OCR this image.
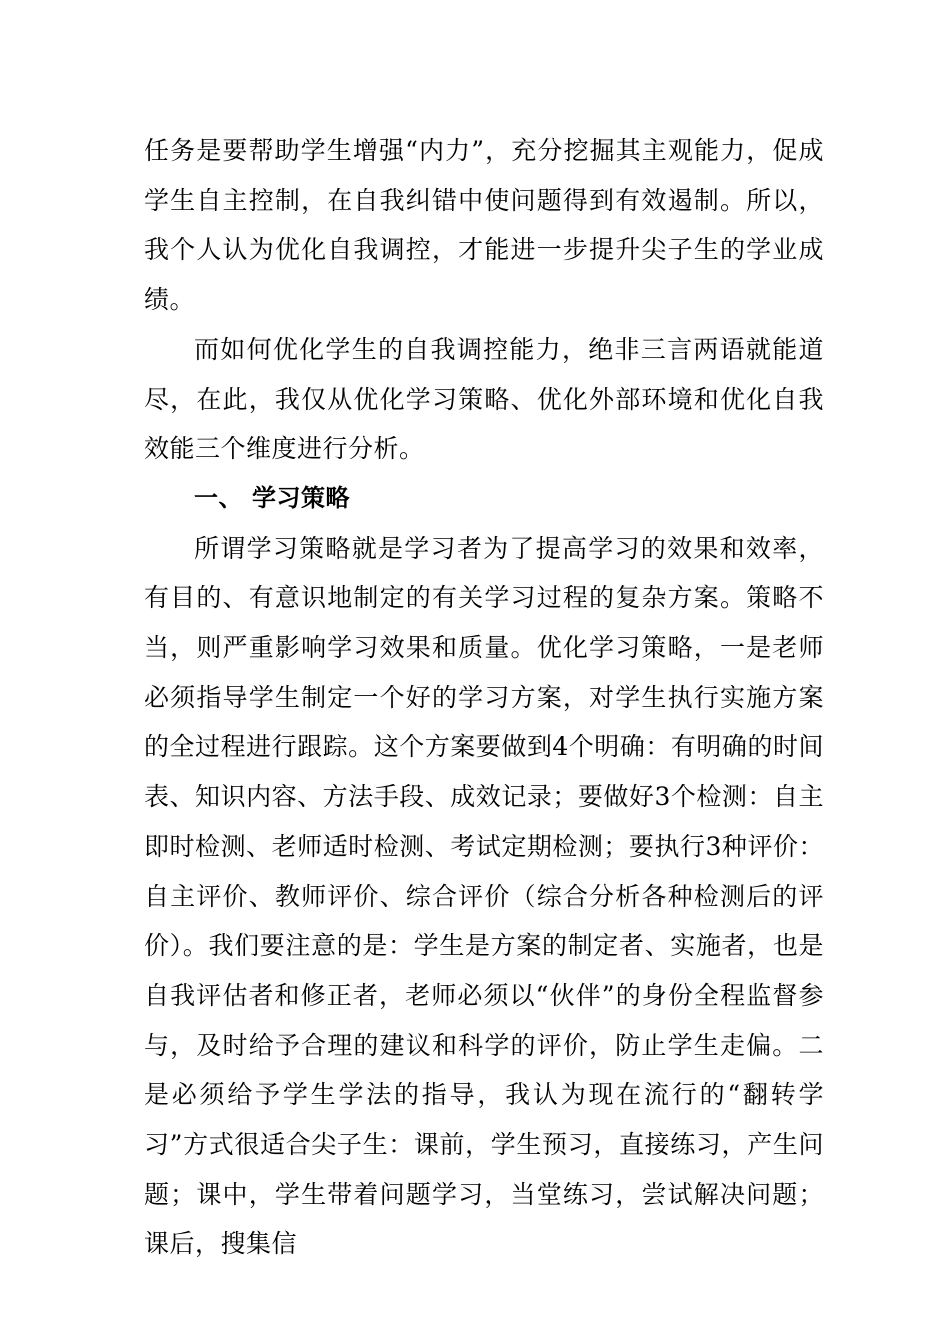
任务是要帮助学生增强“内力”，充分挖掘其主观能力，促成学生自主控制，在自我纠错中使问题得到有效遏制。所以，我个人认为优化自我调控，才能进一步提升尖子生的学业成绩。

而如何优化学生的自我调控能力，绝非三言两语就能道尽，在此，我仅从优化学习策略、优化外部环境和优化自我效能三个维度进行分析。

一、 学习策略

所谓学习策略就是学习者为了提高学习的效果和效率，有目的、有意识地制定的有关学习过程的复杂方案。策略不当，则严重影响学习效果和质量。优化学习策略，一是老师必须指导学生制定一个好的学习方案，对学生执行实施方案的全过程进行跟踪。这个方案要做到4个明确：有明确的时间表、知识内容、方法手段、成效记录；要做好3个检测：自主即时检测、老师适时检测、考试定期检测；要执行3种评价：自主评价、教师评价、综合评价（综合分析各种检测后的评价）。我们要注意的是：学生是方案的制定者、实施者，也是自我评估者和修正者，老师必须以“伙伴”的身份全程监督参与，及时给予合理的建议和科学的评价，防止学生走偏。二是必须给予学生学法的指导，我认为现在流行的“翻转学习”方式很适合尖子生：课前，学生预习，直接练习，产生问题；课中，学生带着问题学习，当堂练习，尝试解决问题；课后，搜集信
